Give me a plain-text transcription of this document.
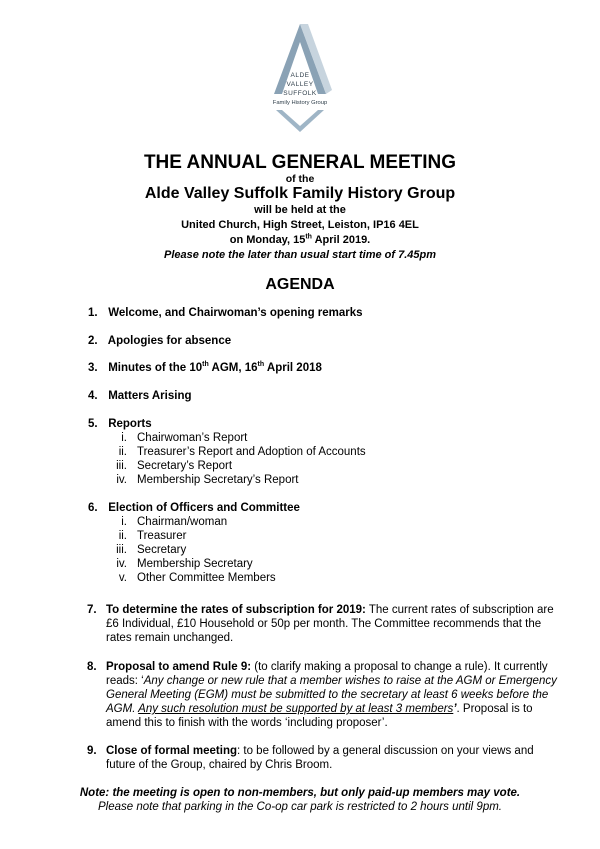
ALDE
VALLEY
SUFFOLK
Family History Group
THE ANNUAL GENERAL MEETING
of the
Alde Valley Suffolk Family History Group
will be held at the
United Church, High Street, Leiston, IP16 4EL
on Monday, 15th April 2019.
Please note the later than usual start time of 7.45pm
AGENDA
1. Welcome, and Chairwoman’s opening remarks
2. Apologies for absence
3. Minutes of the 10th AGM, 16th April 2018
4. Matters Arising
5. Reports
i. Chairwoman’s Report
ii. Treasurer’s Report and Adoption of Accounts
iii. Secretary’s Report
iv. Membership Secretary’s Report
6. Election of Officers and Committee
i. Chairman/woman
ii. Treasurer
iii. Secretary
iv. Membership Secretary
v. Other Committee Members
7. To determine the rates of subscription for 2019: The current rates of subscription are £6 Individual, £10 Household or 50p per month. The Committee recommends that the rates remain unchanged.

8. Proposal to amend Rule 9: (to clarify making a proposal to change a rule). It currently reads: ‘Any change or new rule that a member wishes to raise at the AGM or Emergency General Meeting (EGM) must be submitted to the secretary at least 6 weeks before the AGM. Any such resolution must be supported by at least 3 members’. Proposal is to amend this to finish with the words ‘including proposer’.

9. Close of formal meeting: to be followed by a general discussion on your views and future of the Group, chaired by Chris Broom.

Note: the meeting is open to non-members, but only paid-up members may vote.
Please note that parking in the Co-op car park is restricted to 2 hours until 9pm.
